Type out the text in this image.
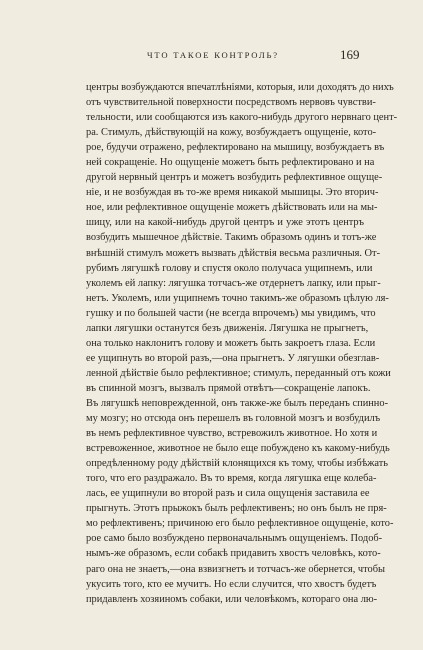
ЧТО ТАКОЕ КОНТРОЛЬ?	169
центры возбуждаются впечатлѣніями, которыя, или доходятъ до нихъ
отъ чувствительной поверхности посредствомъ нервовъ чувстви-
тельности, или сообщаются изъ какого-нибудь другого нервнаго цент-
ра. Стимулъ, дѣйствующій на кожу, возбуждаетъ ощущеніе, кото-
рое, будучи отражено, рефлектировано на мышицу, возбуждаетъ въ
ней сокращеніе. Но ощущеніе можетъ быть рефлектировано и на
другой нервный центръ и можетъ возбудить рефлективное ощуще-
ніе, и не возбуждая въ то-же время никакой мышицы. Это вторич-
ное, или рефлективное ощущеніе можетъ дѣйствовать или на мы-
шицу, или на какой-нибудь другой центръ и уже этотъ центръ
возбудить мышечное дѣйствіе. Такимъ образомъ одинъ и тотъ-же
внѣшній стимулъ можетъ вызвать дѣйствія весьма различныя. От-
рубимъ лягушкѣ голову и спустя около получаса ущипнемъ, или
уколемъ ей лапку: лягушка тотчасъ-же отдернетъ лапку, или прыг-
нетъ. Уколемъ, или ущипнемъ точно такимъ-же образомъ цѣлую ля-
гушку и по большей части (не всегда впрочемъ) мы увидимъ, что
лапки лягушки останутся безъ движенія. Лягушка не прыгнетъ,
она только наклонитъ голову и можетъ быть закроетъ глаза. Если
ее ущипнуть во второй разъ,—она прыгнетъ. У лягушки обезглав-
ленной дѣйствіе было рефлективное; стимулъ, переданный отъ кожи
въ спинной мозгъ, вызвалъ прямой отвѣтъ—сокращеніе лапокъ.
Въ лягушкѣ неповрежденной, онъ также-же былъ переданъ спинно-
му мозгу; но отсюда онъ перешелъ въ головной мозгъ и возбудилъ
въ немъ рефлективное чувство, встревожилъ животное. Но хотя и
встревоженное, животное не было еще побуждено къ какому-нибудь
опредѣленному роду дѣйствій клонящихся къ тому, чтобы избѣжать
того, что его раздражало. Въ то время, когда лягушка еще колеба-
лась, ее ущипнули во второй разъ и сила ощущенія заставила ее
прыгнуть. Этотъ прыжокъ былъ рефлективенъ; но онъ былъ не пря-
мо рефлективенъ; причиною его было рефлективное ощущеніе, кото-
рое само было возбуждено первоначальнымъ ощущеніемъ. Подоб-
нымъ-же образомъ, если собакѣ придавить хвостъ человѣкъ, кото-
раго она не знаетъ,—она взвизгнетъ и тотчасъ-же обернется, чтобы
укусить того, кто ее мучитъ. Но если случится, что хвостъ будетъ
придавленъ хозяиномъ собаки, или человѣкомъ, которагo она лю-
